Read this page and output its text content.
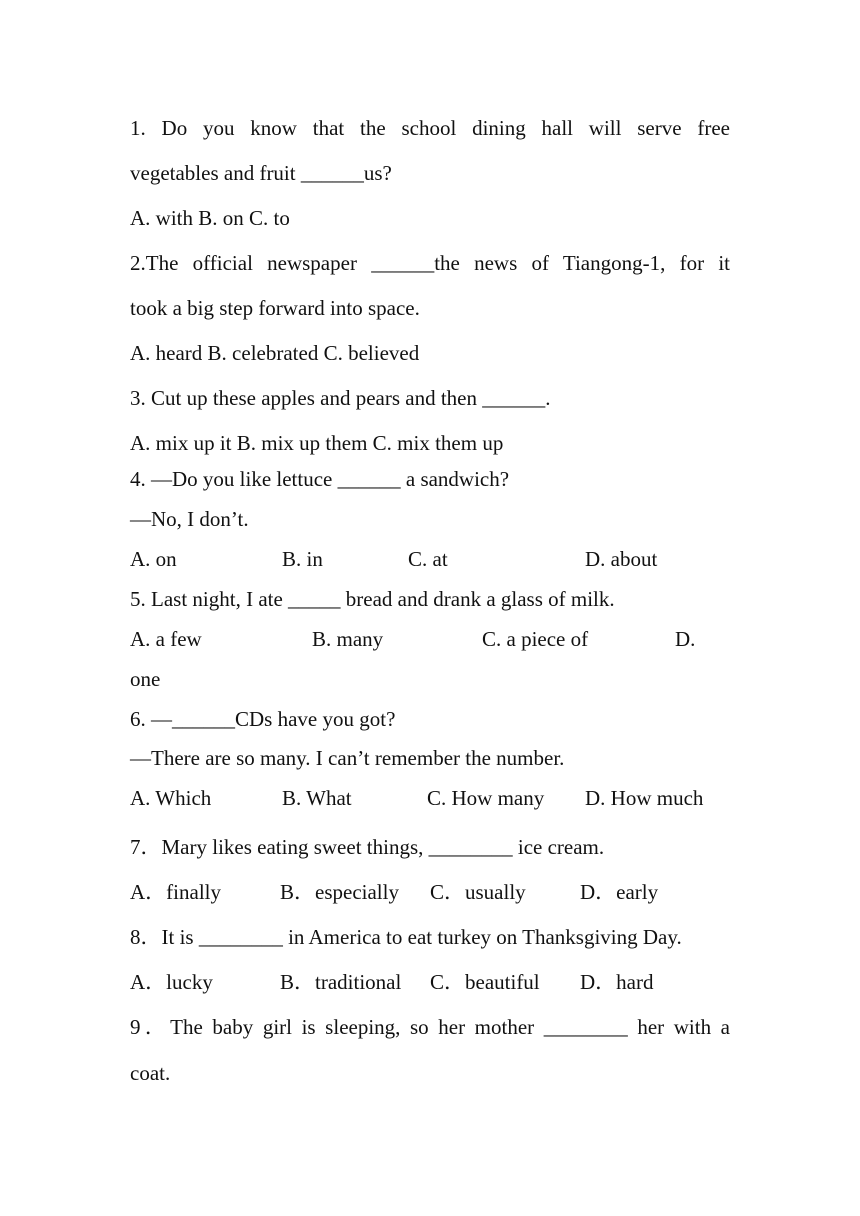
1. Do you know that the school dining hall will serve free
vegetables and fruit ______us?
A. with B. on C. to
2.The official newspaper ______the news of Tiangong-1, for it
took a big step forward into space.
A. heard B. celebrated C. believed
3. Cut up these apples and pears and then ______.
A. mix up it B. mix up them C. mix them up
4. —Do you like lettuce ______ a sandwich?
—No, I don’t.

A. on

	B. in

	C. at

	D. about

5. Last night, I ate _____ bread and drank a glass of milk.

A. a few

	B. many

	C. a piece of

	D.

one
6. —______CDs have you got?
—There are so many. I can’t remember the number.

A. Which

	B. What

	C. How many

D. How much

7．Mary likes eating sweet things, ________ ice cream.

A．finally

	B．especially

C．usually

	D．early

8．It is ________ in America to eat turkey on Thanksgiving Day.

A．lucky

	B．traditional

C．beautiful

D．hard

9．The baby girl is sleeping, so her mother ________ her with a
coat.
